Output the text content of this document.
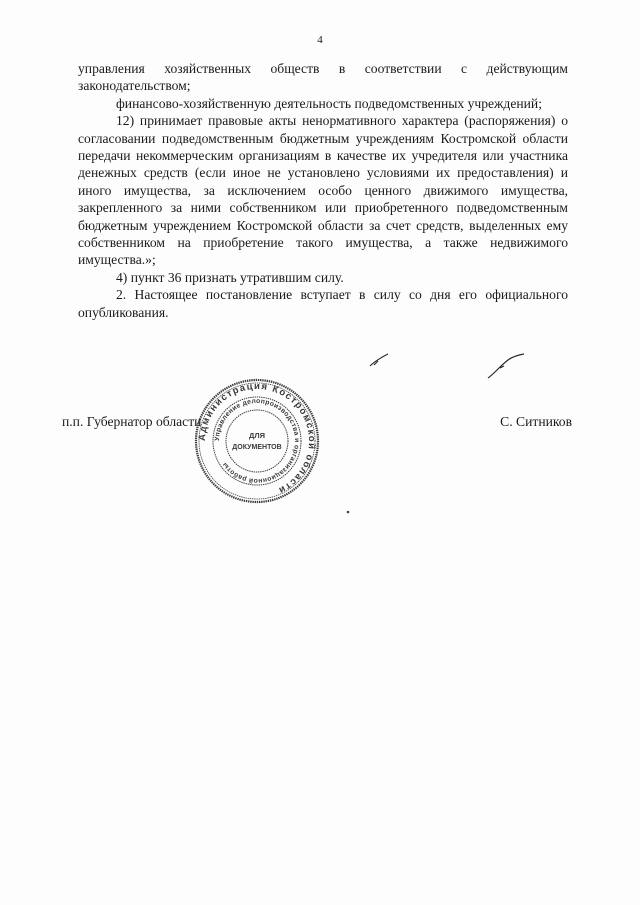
4

управления хозяйственных обществ в соответствии с действующим законодательством;

финансово-хозяйственную деятельность подведомственных учреждений;

12) принимает правовые акты ненормативного характера (распоряжения) о согласовании подведомственным бюджетным учреждениям Костромской области передачи некоммерческим организациям в качестве их учредителя или участника денежных средств (если иное не установлено условиями их предоставления) и иного имущества, за исключением особо ценного движимого имущества, закрепленного за ними собственником или приобретенного подведомственным бюджетным учреждением Костромской области за счет средств, выделенных ему собственником на приобретение такого имущества, а также недвижимого имущества.»;

4) пункт 36 признать утратившим силу.

2. Настоящее постановление вступает в силу со дня его официального опубликования.

п.п. Губернатор области	С. Ситников
Администрация Костромской области
Управление делопроизводства и организационной работы
ДЛЯ
ДОКУМЕНТОВ
